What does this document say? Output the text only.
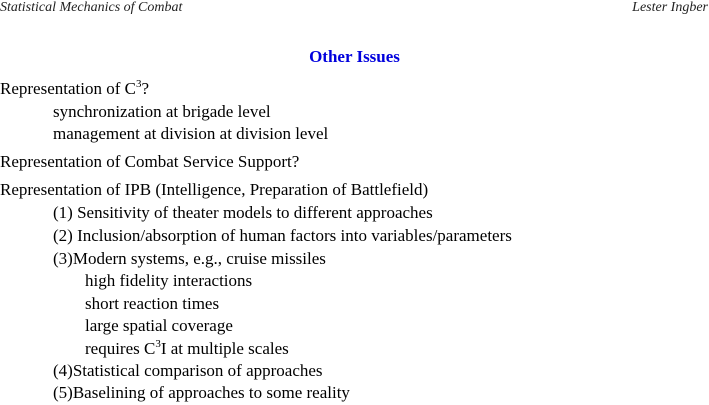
Statistical Mechanics of Combat	Lester Ingber
Other Issues
Representation of $C^3$?
synchronization at brigade level
management at division at division level
Representation of Combat Service Support?
Representation of IPB (Intelligence, Preparation of Battlefield)
(1) Sensitivity of theater models to different approaches
(2) Inclusion/absorption of human factors into variables/parameters
(3)Modern systems, e.g., cruise missiles
high fidelity interactions
short reaction times
large spatial coverage
requires $C^3I$ at multiple scales
(4)Statistical comparison of approaches
(5)Baselining of approaches to some reality
